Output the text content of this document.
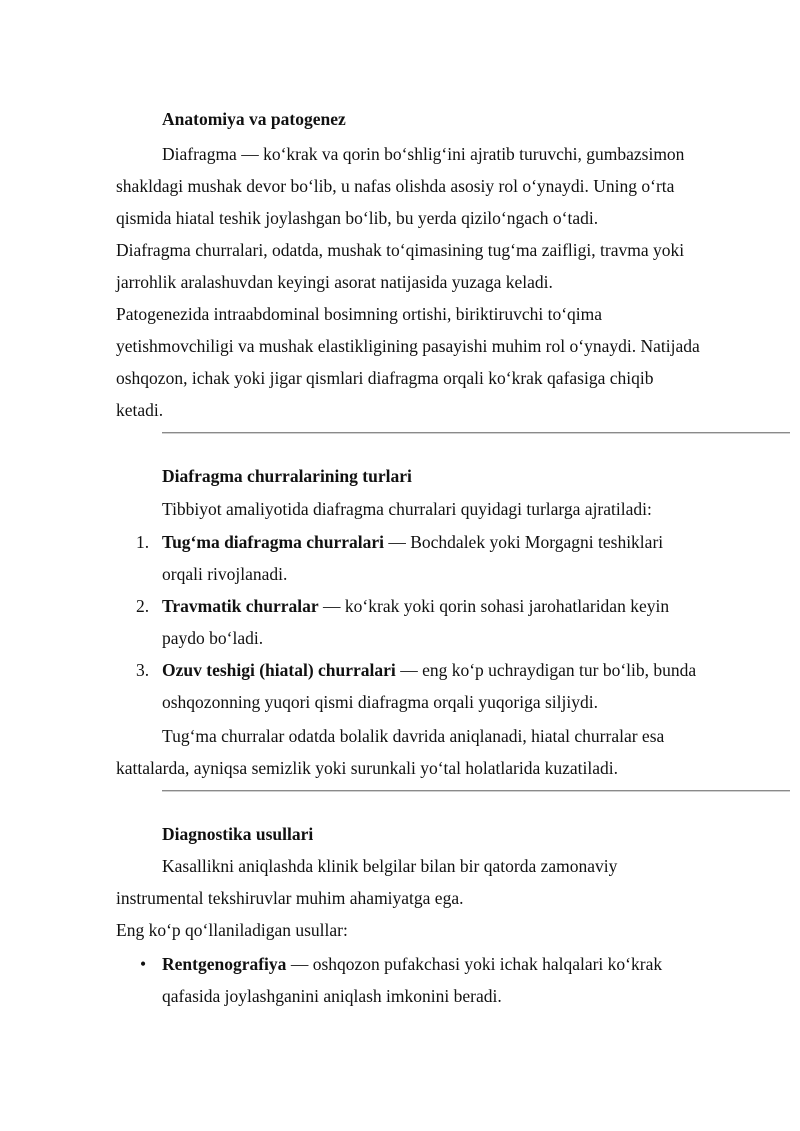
Anatomiya va patogenez
Diafragma — koʻkrak va qorin boʻshligʻini ajratib turuvchi, gumbazsimon
shakldagi mushak devor boʻlib, u nafas olishda asosiy rol oʻynaydi. Uning oʻrta
qismida hiatal teshik joylashgan boʻlib, bu yerda qiziloʻngach oʻtadi.
Diafragma churralari, odatda, mushak toʻqimasining tugʻma zaifligi, travma yoki
jarrohlik aralashuvdan keyingi asorat natijasida yuzaga keladi.
Patogenezida intraabdominal bosimning ortishi, biriktiruvchi toʻqima
yetishmovchiligi va mushak elastikligining pasayishi muhim rol oʻynaydi. Natijada
oshqozon, ichak yoki jigar qismlari diafragma orqali koʻkrak qafasiga chiqib
ketadi.
Diafragma churralarining turlari
Tibbiyot amaliyotida diafragma churralari quyidagi turlarga ajratiladi:
1. Tugʻma diafragma churralari — Bochdalek yoki Morgagni teshiklari
orqali rivojlanadi.
2. Travmatik churralar — koʻkrak yoki qorin sohasi jarohatlaridan keyin
paydo boʻladi.
3. Ozuv teshigi (hiatal) churralari — eng koʻp uchraydigan tur boʻlib, bunda
oshqozonning yuqori qismi diafragma orqali yuqoriga siljiydi.
Tugʻma churralar odatda bolalik davrida aniqlanadi, hiatal churralar esa
kattalarda, ayniqsa semizlik yoki surunkali yoʻtal holatlarida kuzatiladi.
Diagnostika usullari
Kasallikni aniqlashda klinik belgilar bilan bir qatorda zamonaviy
instrumental tekshiruvlar muhim ahamiyatga ega.
Eng koʻp qoʻllaniladigan usullar:
• Rentgenografiya — oshqozon pufakchasi yoki ichak halqalari koʻkrak
qafasida joylashganini aniqlash imkonini beradi.
